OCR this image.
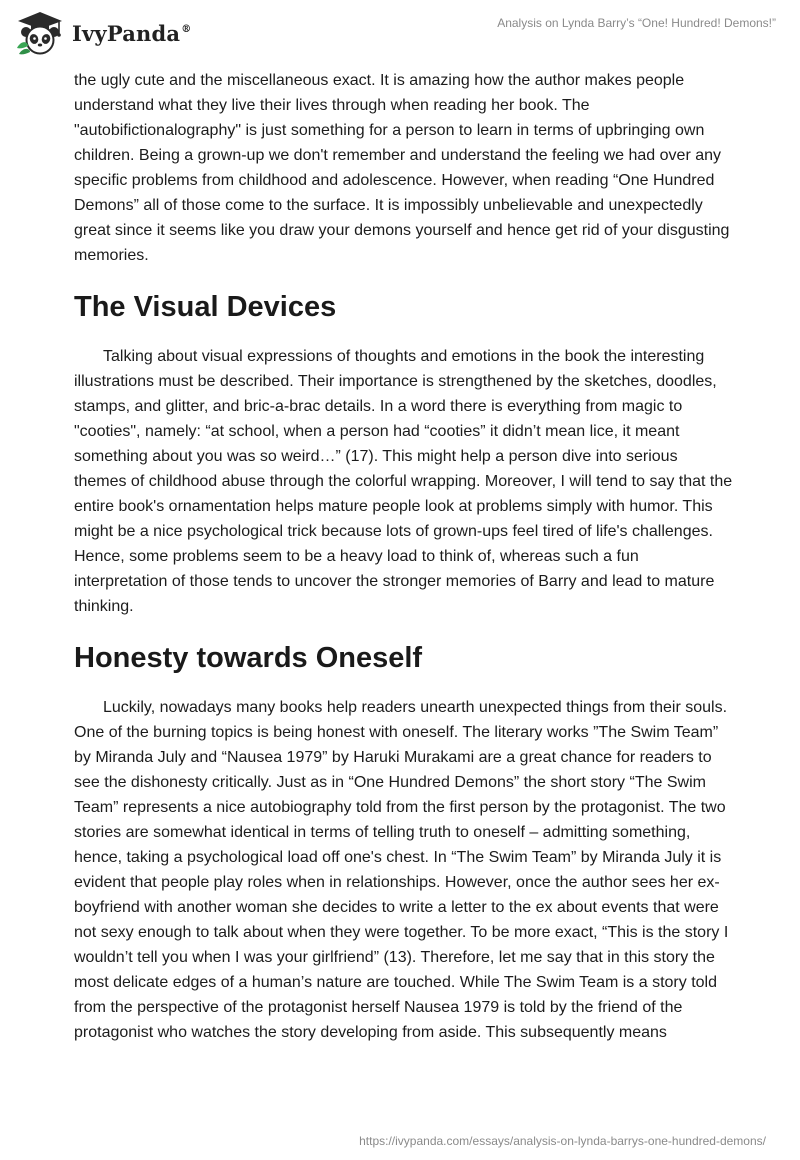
IvyPanda®	Analysis on Lynda Barry’s “One! Hundred! Demons!”

the ugly cute and the miscellaneous exact. It is amazing how the author makes people understand what they live their lives through when reading her book. The "autobifictionalography" is just something for a person to learn in terms of upbringing own children. Being a grown-up we don't remember and understand the feeling we had over any specific problems from childhood and adolescence. However, when reading “One Hundred Demons” all of those come to the surface. It is impossibly unbelievable and unexpectedly great since it seems like you draw your demons yourself and hence get rid of your disgusting memories.

The Visual Devices

Talking about visual expressions of thoughts and emotions in the book the interesting illustrations must be described. Their importance is strengthened by the sketches, doodles, stamps, and glitter, and bric-a-brac details. In a word there is everything from magic to "cooties", namely: “at school, when a person had “cooties” it didn’t mean lice, it meant something about you was so weird…” (17). This might help a person dive into serious themes of childhood abuse through the colorful wrapping. Moreover, I will tend to say that the entire book's ornamentation helps mature people look at problems simply with humor. This might be a nice psychological trick because lots of grown-ups feel tired of life's challenges. Hence, some problems seem to be a heavy load to think of, whereas such a fun interpretation of those tends to uncover the stronger memories of Barry and lead to mature thinking.

Honesty towards Oneself

Luckily, nowadays many books help readers unearth unexpected things from their souls. One of the burning topics is being honest with oneself. The literary works ”The Swim Team” by Miranda July and “Nausea 1979” by Haruki Murakami are a great chance for readers to see the dishonesty critically. Just as in “One Hundred Demons” the short story “The Swim Team” represents a nice autobiography told from the first person by the protagonist. The two stories are somewhat identical in terms of telling truth to oneself – admitting something, hence, taking a psychological load off one's chest. In “The Swim Team” by Miranda July it is evident that people play roles when in relationships. However, once the author sees her ex-boyfriend with another woman she decides to write a letter to the ex about events that were not sexy enough to talk about when they were together. To be more exact, “This is the story I wouldn’t tell you when I was your girlfriend” (13). Therefore, let me say that in this story the most delicate edges of a human’s nature are touched. While The Swim Team is a story told from the perspective of the protagonist herself Nausea 1979 is told by the friend of the protagonist who watches the story developing from aside. This subsequently means

https://ivypanda.com/essays/analysis-on-lynda-barrys-one-hundred-demons/
